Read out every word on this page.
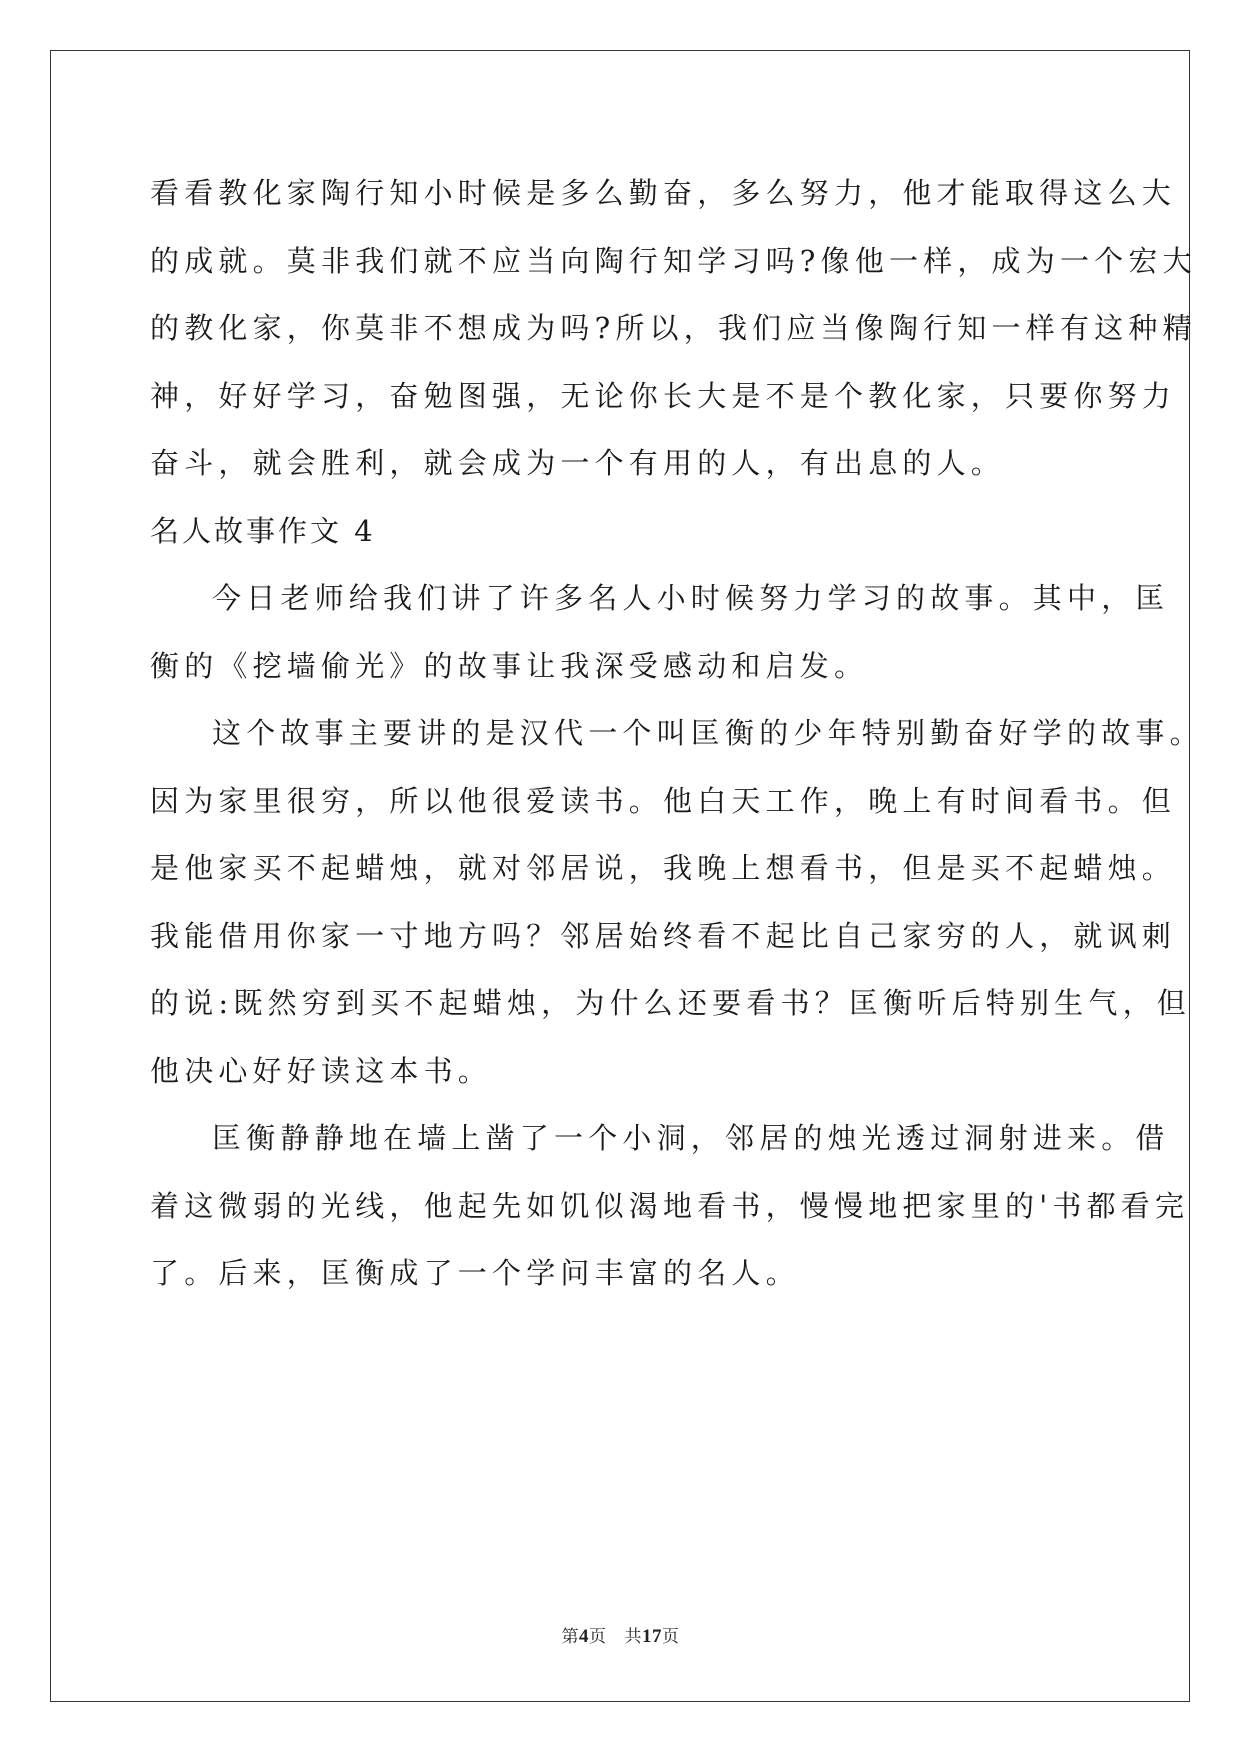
看看教化家陶行知小时候是多么勤奋，多么努力，他才能取得这么大
的成就。莫非我们就不应当向陶行知学习吗?像他一样，成为一个宏大
的教化家，你莫非不想成为吗?所以，我们应当像陶行知一样有这种精
神，好好学习，奋勉图强，无论你长大是不是个教化家，只要你努力
奋斗，就会胜利，就会成为一个有用的人，有出息的人。
名人故事作文 4
今日老师给我们讲了许多名人小时候努力学习的故事。其中，匡
衡的《挖墙偷光》的故事让我深受感动和启发。
这个故事主要讲的是汉代一个叫匡衡的少年特别勤奋好学的故事。
因为家里很穷，所以他很爱读书。他白天工作，晚上有时间看书。但
是他家买不起蜡烛，就对邻居说，我晚上想看书，但是买不起蜡烛。
我能借用你家一寸地方吗？邻居始终看不起比自己家穷的人，就讽刺
的说:既然穷到买不起蜡烛，为什么还要看书？匡衡听后特别生气，但
他决心好好读这本书。
匡衡静静地在墙上凿了一个小洞，邻居的烛光透过洞射进来。借
着这微弱的光线，他起先如饥似渴地看书，慢慢地把家里的'书都看完
了。后来，匡衡成了一个学问丰富的名人。
第4页 共17页
